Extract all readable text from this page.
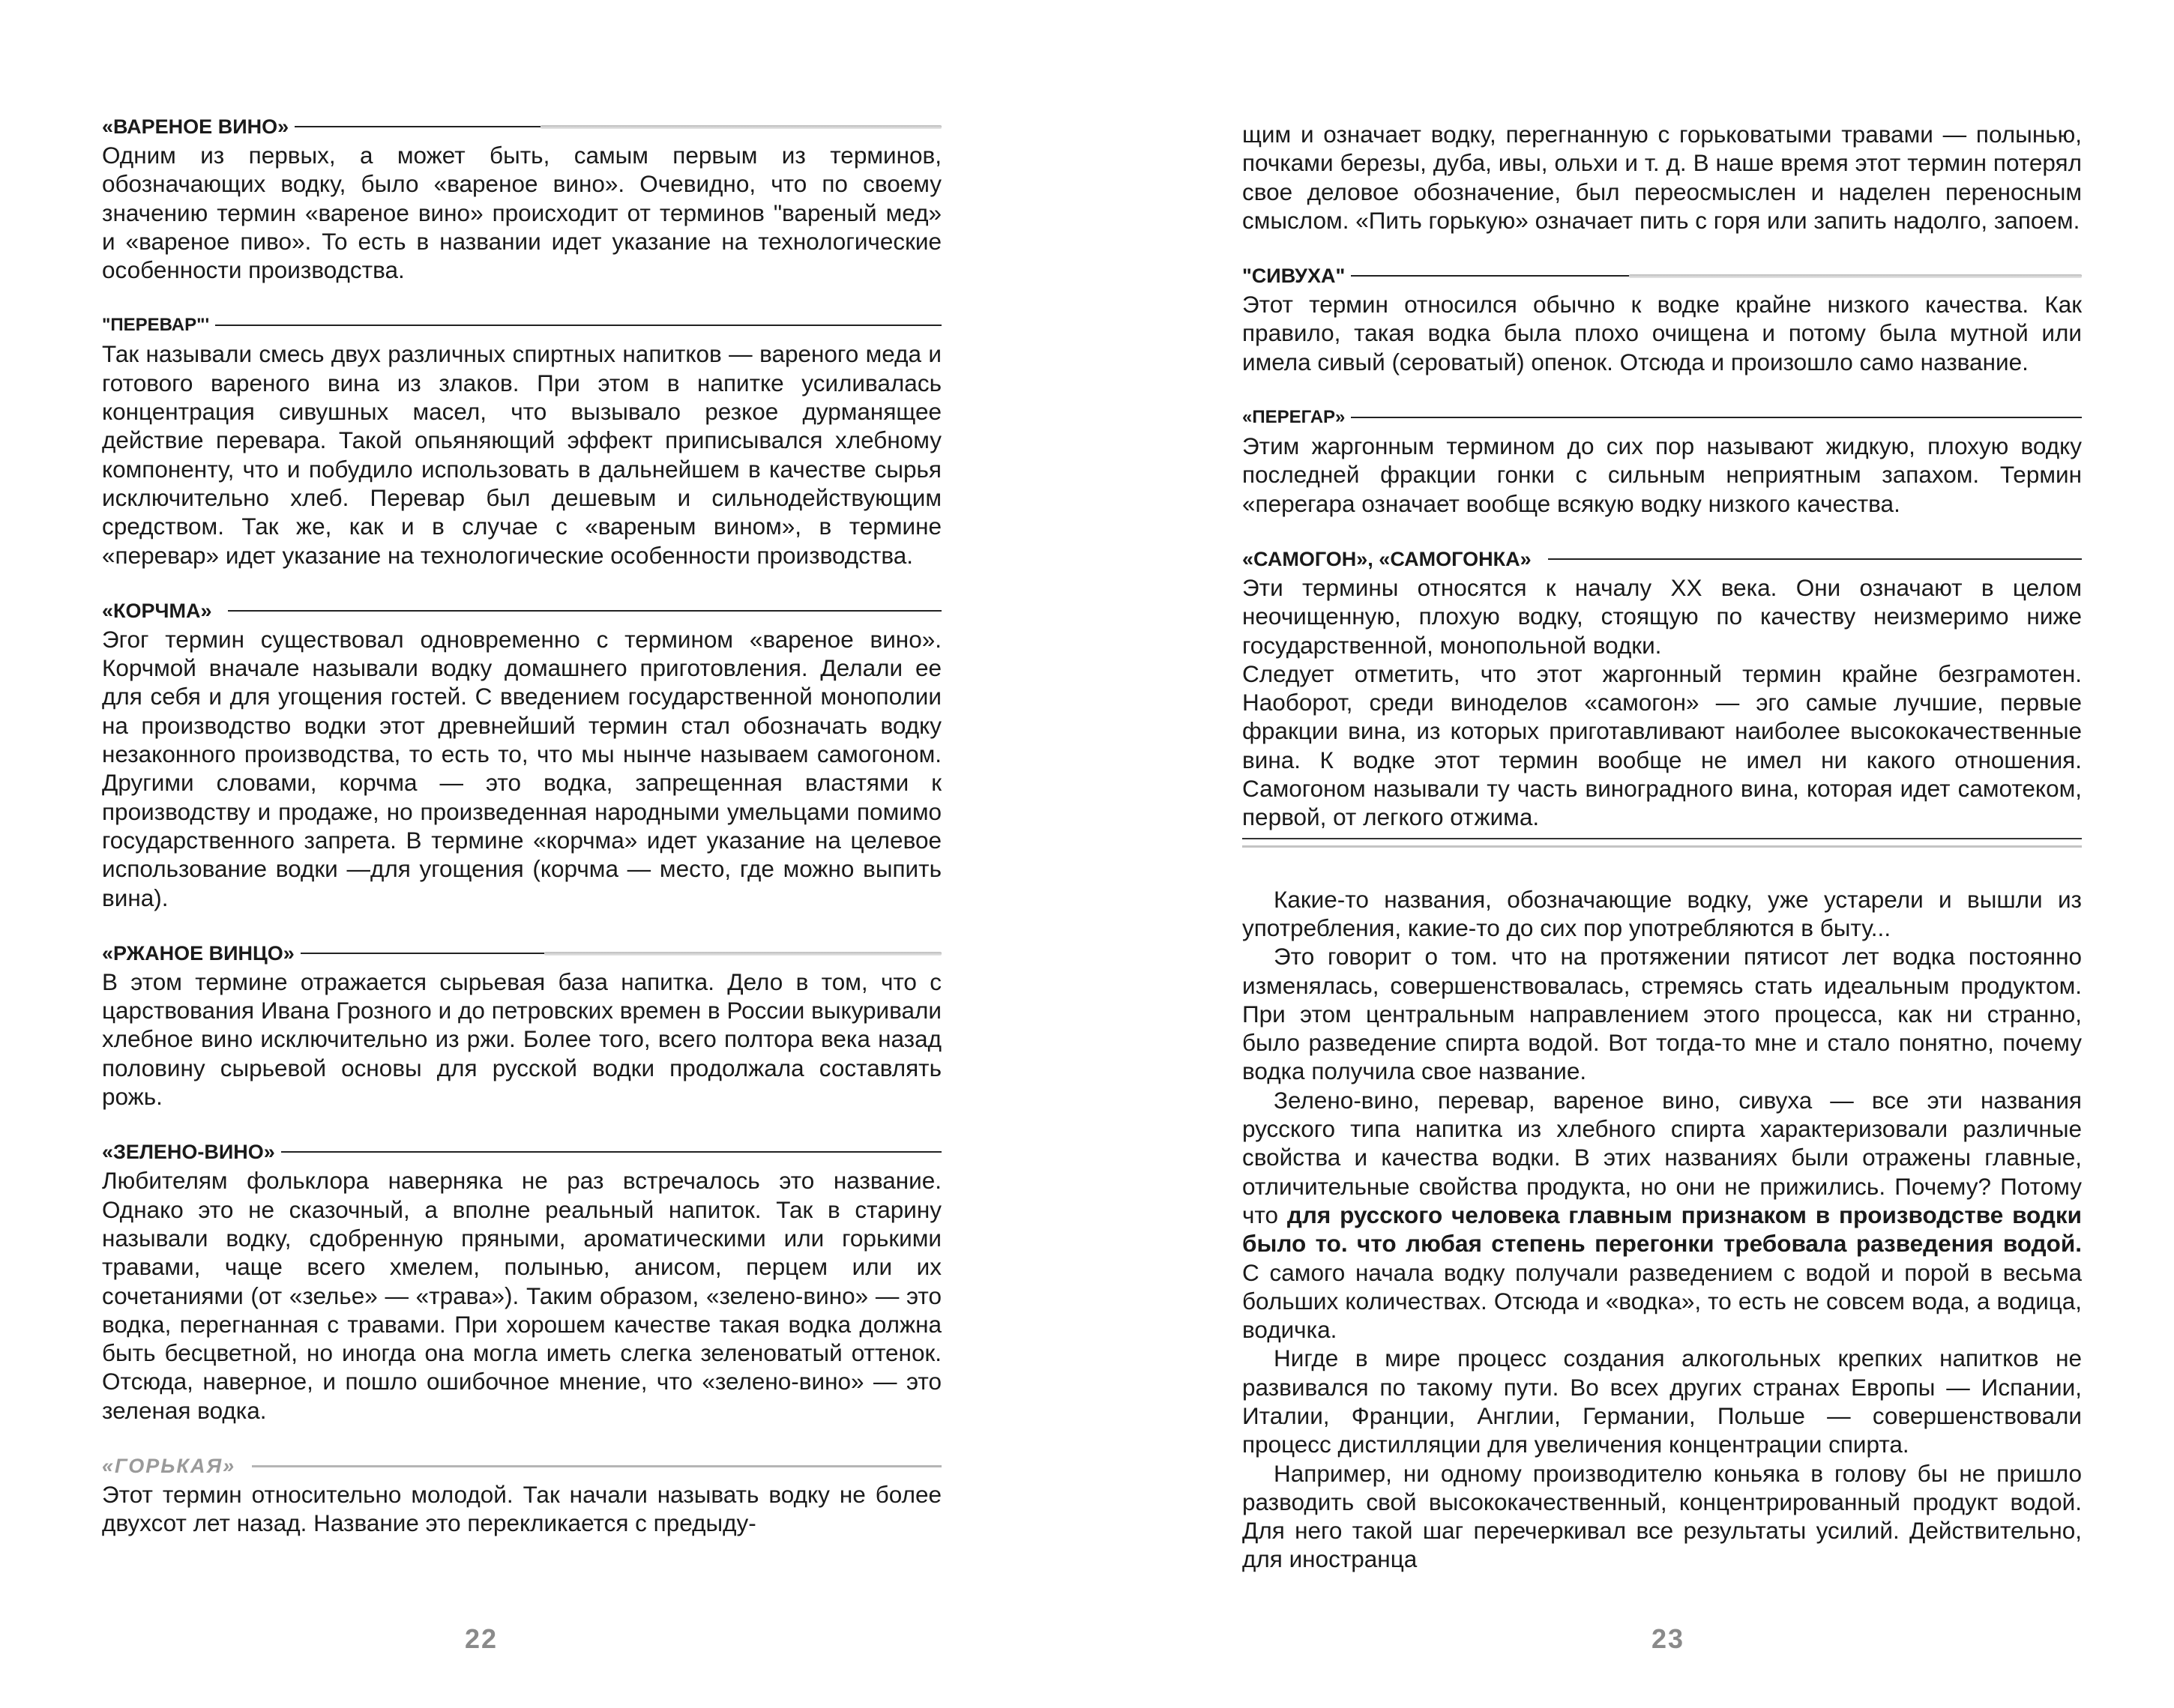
«ВАРЕНОЕ ВИНО»

Одним из первых, а может быть, самым первым из терминов, обозначающих водку, было «вареное вино». Очевидно, что по своему значению термин «вареное вино» происходит от терминов "вареный мед» и «вареное пиво». То есть в названии идет указание на технологические особенности производства.

"ПЕРЕВАР"'

Так называли смесь двух различных спиртных напитков — вареного меда и готового вареного вина из злаков. При этом в напитке усиливалась концентрация сивушных масел, что вызывало резкое дурманящее действие перевара. Такой опьяняющий эффект приписывался хлебному компоненту, что и побудило использовать в дальнейшем в качестве сырья исключительно хлеб. Перевар был дешевым и сильнодействующим средством. Так же, как и в случае с «вареным вином», в термине «перевар» идет указание на технологические особенности производства.

«КОРЧМА»

Эгог термин существовал одновременно с термином «вареное вино». Корчмой вначале называли водку домашнего приготовления. Делали ее для себя и для угощения гостей. С введением государственной монополии на производство водки этот древнейший термин стал обозначать водку незаконного производства, то есть то, что мы нынче называем самогоном. Другими словами, корчма — это водка, запрещенная властями к производству и продаже, но произведенная народными умельцами помимо государственного запрета. В термине «корчма» идет указание на целевое использование водки —для угощения (корчма — место, где можно выпить вина).

«РЖАНОЕ ВИНЦО»

В этом термине отражается сырьевая база напитка. Дело в том, что с царствования Ивана Грозного и до петровских времен в России выкуривали хлебное вино исключительно из ржи. Более того, всего полтора века назад половину сырьевой основы для русской водки продолжала составлять рожь.

«ЗЕЛЕНО-ВИНО»

Любителям фольклора наверняка не раз встречалось это название. Однако это не сказочный, а вполне реальный напиток. Так в старину называли водку, сдобренную пряными, ароматическими или горькими травами, чаще всего хмелем, полынью, анисом, перцем или их сочетаниями (от «зелье» — «трава»). Таким образом, «зелено-вино» — это водка, перегнанная с травами. При хорошем качестве такая водка должна быть бесцветной, но иногда она могла иметь слегка зеленоватый оттенок. Отсюда, наверное, и пошло ошибочное мнение, что «зелено-вино» — это зеленая водка.

«ГОРЬКАЯ»

Этот термин относительно молодой. Так начали называть водку не более двухсот лет назад. Название это перекликается с предыду-

22

щим и означает водку, перегнанную с горьковатыми травами — полынью, почками березы, дуба, ивы, ольхи и т. д. В наше время этот термин потерял свое деловое обозначение, был переосмыслен и наделен переносным смыслом. «Пить горькую» означает пить с горя или запить надолго, запоем.

"СИВУХА"

Этот термин относился обычно к водке крайне низкого качества. Как правило, такая водка была плохо очищена и потому была мутной или имела сивый (сероватый) опенок. Отсюда и произошло само название.

«ПЕРЕГАР»

Этим жаргонным термином до сих пор называют жидкую, плохую водку последней фракции гонки с сильным неприятным запахом. Термин «перегара означает вообще всякую водку низкого качества.

«САМОГОН», «САМОГОНКА»

Эти термины относятся к началу XX века. Они означают в целом неочищенную, плохую водку, стоящую по качеству неизмеримо ниже государственной, монопольной водки.

Следует отметить, что этот жаргонный термин крайне безграмотен. Наоборот, среди виноделов «самогон» — эго самые лучшие, первые фракции вина, из которых приготавливают наиболее высококачественные вина. К водке этот термин вообще не имел ни какого отношения. Самогоном называли ту часть виноградного вина, которая идет самотеком, первой, от легкого отжима.

Какие-то названия, обозначающие водку, уже устарели и вышли из употребления, какие-то до сих пор употребляются в быту...

Это говорит о том. что на протяжении пятисот лет водка постоянно изменялась, совершенствовалась, стремясь стать идеальным продуктом. При этом центральным направлением этого процесса, как ни странно, было разведение спирта водой. Вот тогда-то мне и стало понятно, почему водка получила свое название.

Зелено-вино, перевар, вареное вино, сивуха — все эти названия русского типа напитка из хлебного спирта характеризовали различные свойства и качества водки. В этих названиях были отражены главные, отличительные свойства продукта, но они не прижились. Почему? Потому что для русского человека главным признаком в производстве водки было то. что любая степень перегонки требовала разведения водой. С самого начала водку получали разведением с водой и порой в весьма больших количествах. Отсюда и «водка», то есть не совсем вода, а водица, водичка.

Нигде в мире процесс создания алкогольных крепких напитков не развивался по такому пути. Во всех других странах Европы — Испании, Италии, Франции, Англии, Германии, Польше — совершенствовали процесс дистилляции для увеличения концентрации спирта.

Например, ни одному производителю коньяка в голову бы не пришло разводить свой высококачественный, концентрированный продукт водой. Для него такой шаг перечеркивал все результаты усилий. Действительно, для иностранца

23
